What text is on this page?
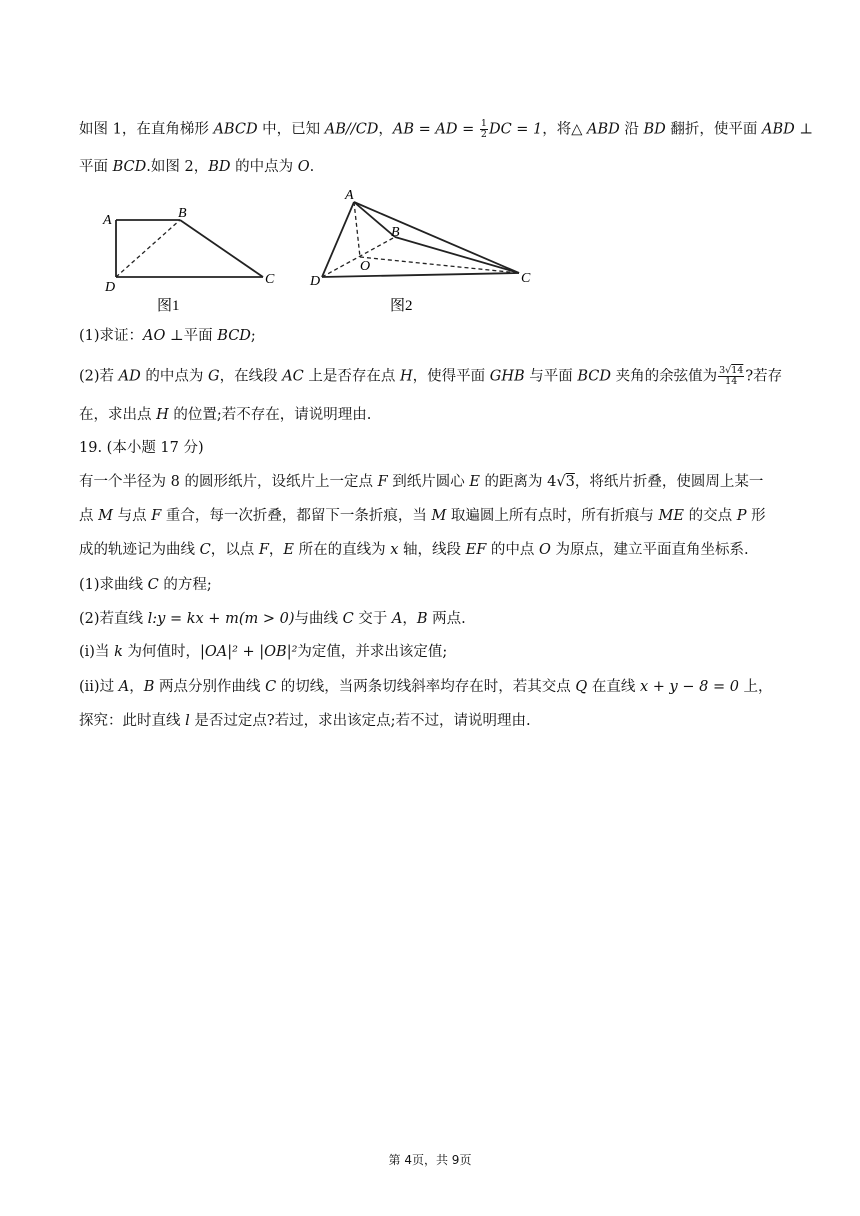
如图 1，在直角梯形 ABCD 中，已知 AB//CD，AB = AD = $\frac{1}{2}$ DC = 1，将△ ABD 沿 BD 翻折，使平面 ABD ⊥
平面 BCD.如图 2，BD 的中点为 O.
A	B
C
D
图1
A
B
C
D
O
图2
(1)求证：AO ⊥平面 BCD;
(2)若 AD 的中点为 G，在线段 AC 上是否存在点 H，使得平面 GHB 与平面 BCD 夹角的余弦值为 $\frac{3√14}{14}$ ?若存
在，求出点 H 的位置;若不存在，请说明理由.
19. (本小题 17 分)
有一个半径为 8 的圆形纸片，设纸片上一定点 F 到纸片圆心 E 的距离为 4√3，将纸片折叠，使圆周上某一
点 M 与点 F 重合，每一次折叠，都留下一条折痕，当 M 取遍圆上所有点时，所有折痕与 ME 的交点 P 形
成的轨迹记为曲线 C，以点 F，E 所在的直线为 x 轴，线段 EF 的中点 O 为原点，建立平面直角坐标系.
(1)求曲线 C 的方程;
(2)若直线 l:y = kx + m(m > 0)与曲线 C 交于 A，B 两点.
(ⅰ)当 k 为何值时，|OA|² + |OB|²为定值，并求出该定值;
(ⅱ)过 A，B 两点分别作曲线 C 的切线，当两条切线斜率均存在时，若其交点 Q 在直线 x + y − 8 = 0 上，
探究：此时直线 l 是否过定点?若过，求出该定点;若不过，请说明理由.
第 4页，共 9页
